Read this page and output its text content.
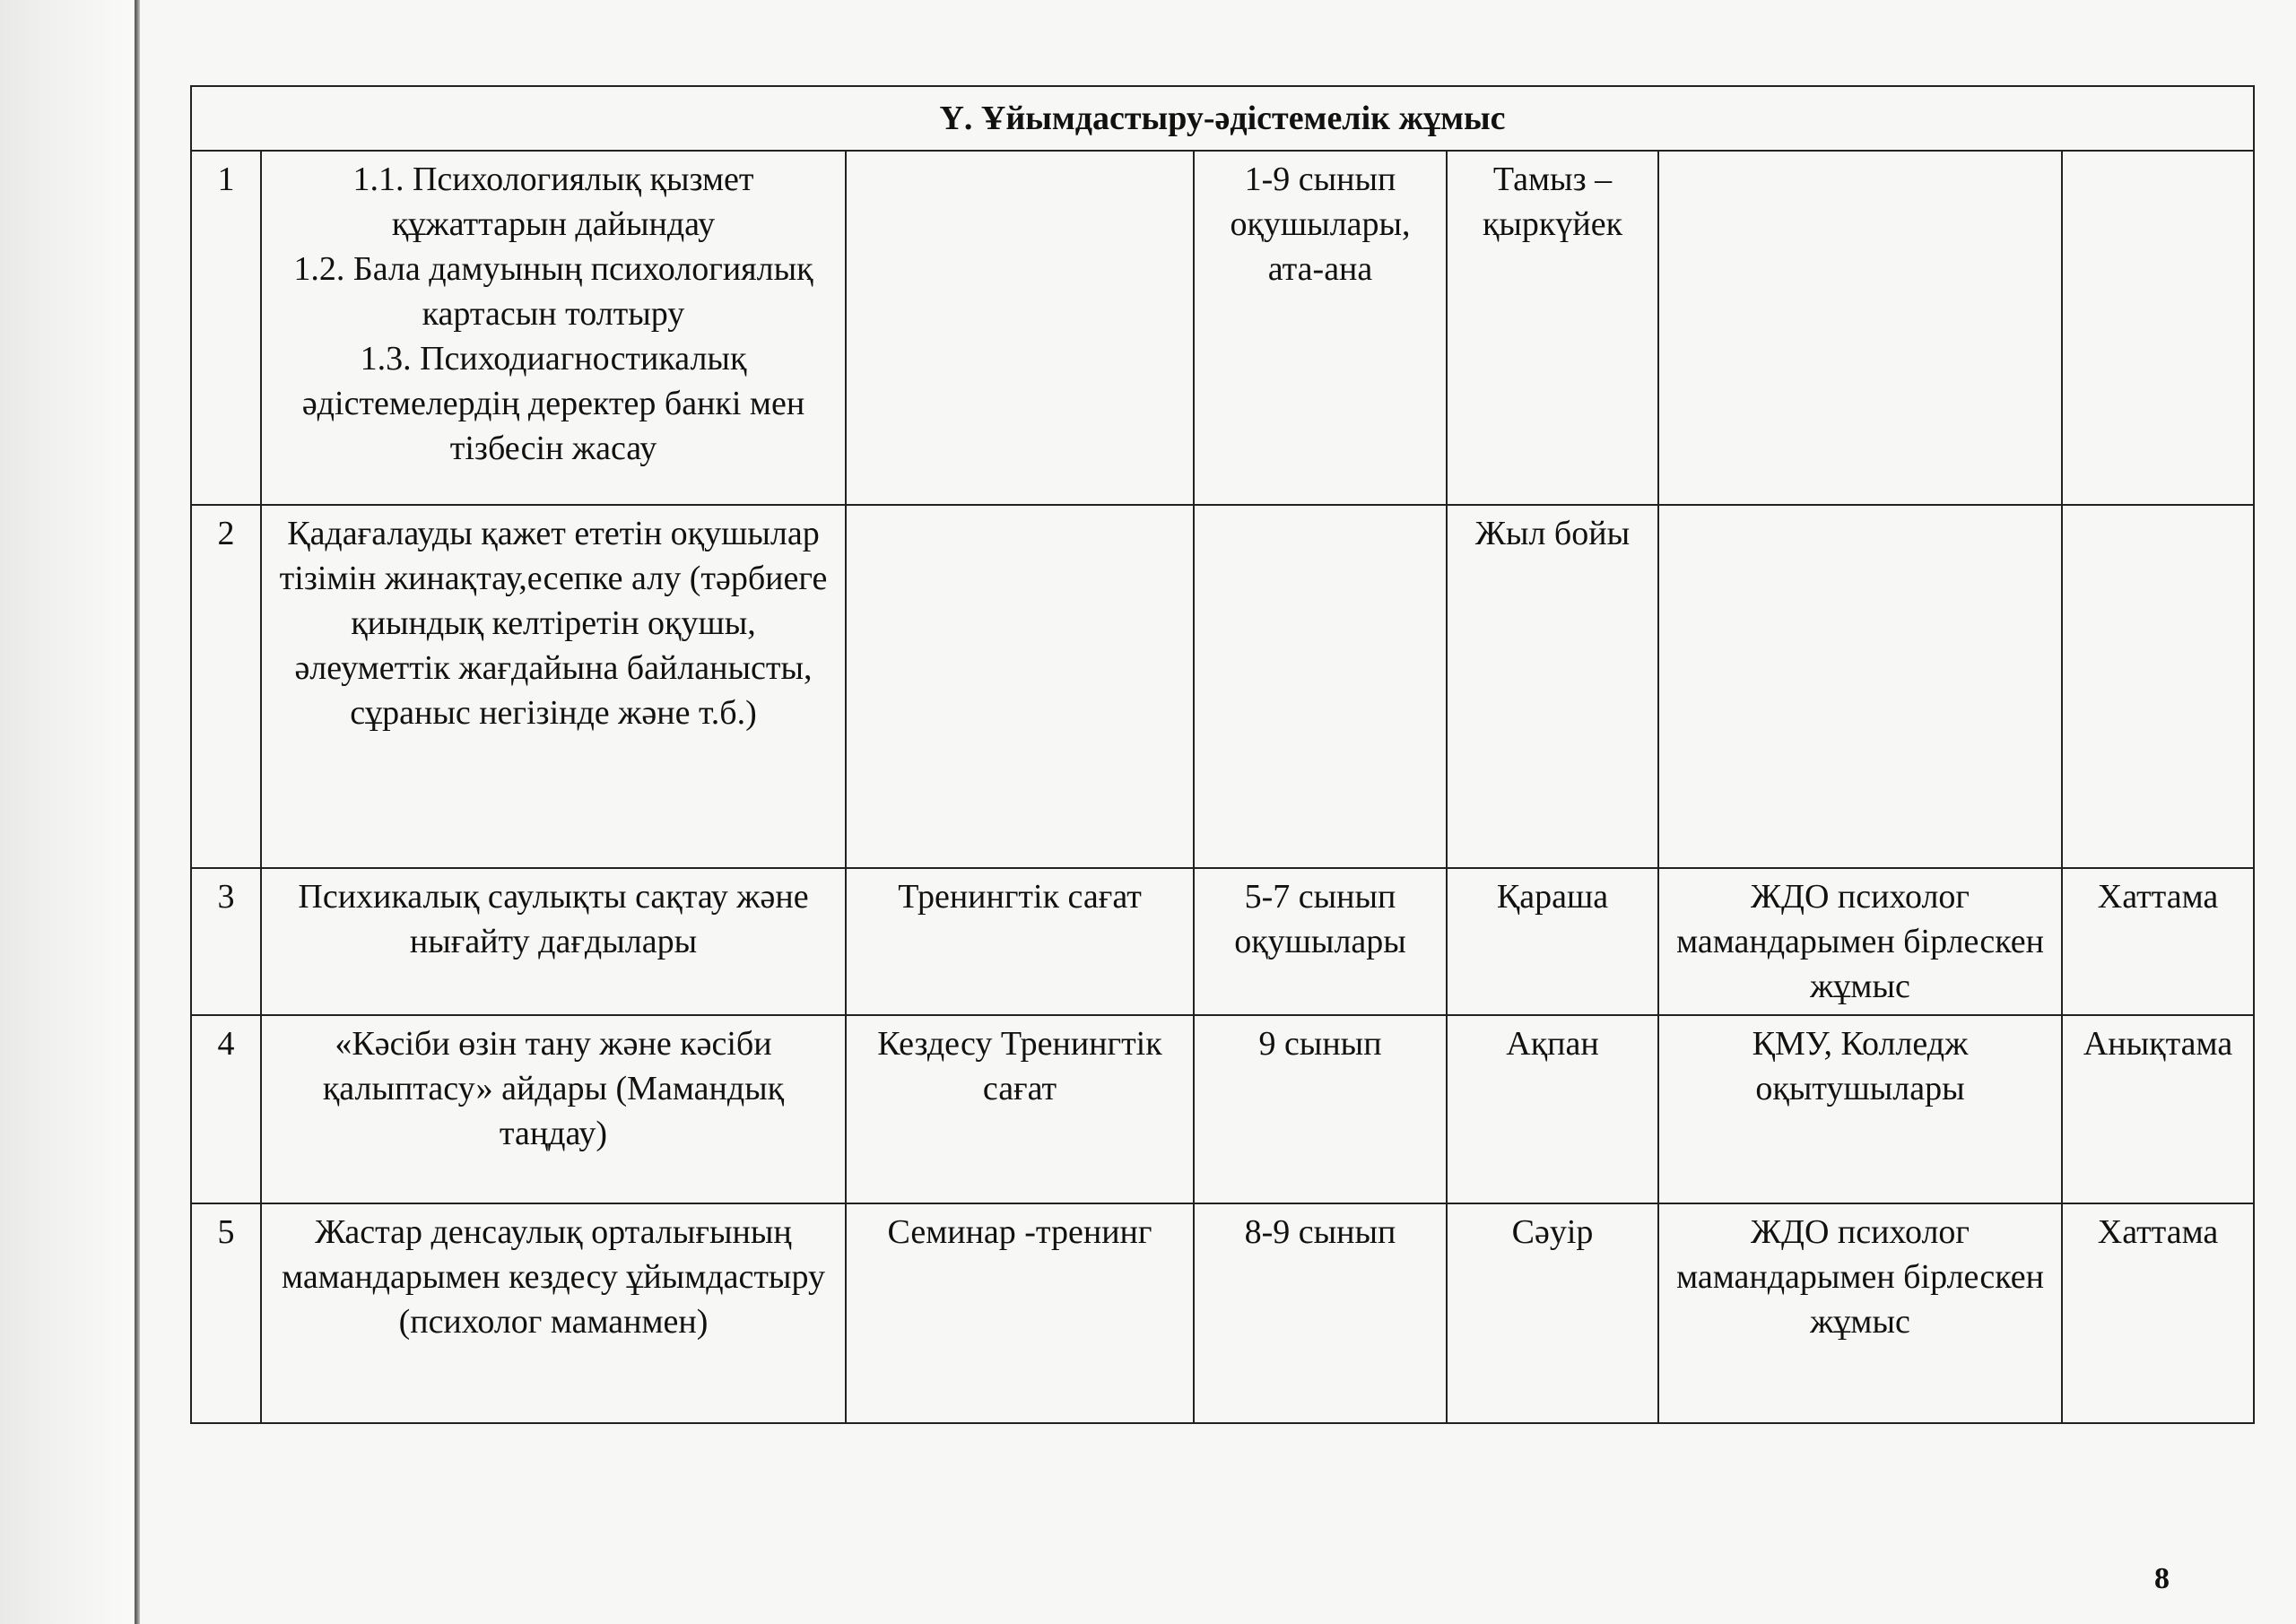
Ү. Ұйымдастыру-әдістемелік жұмыс						
1	1.1. Психологиялық қызмет құжаттарын дайындау
1.2. Бала дамуының психологиялық картасын толтыру
1.3. Психодиагностикалық әдістемелердің деректер банкі мен тізбесін жасау		1-9 сынып оқушылары, ата-ана	Тамыз – қыркүйек		
2	Қадағалауды қажет ететін оқушылар тізімін жинақтау,есепке алу (тәрбиеге қиындық келтіретін оқушы, әлеуметтік жағдайына байланысты, сұраныс негізінде және т.б.)			Жыл бойы		
3	Психикалық саулықты сақтау және нығайту дағдылары	Тренингтік сағат	5-7 сынып оқушылары	Қараша	ЖДО психолог мамандарымен бірлескен жұмыс	Хаттама
4	«Кәсіби өзін тану және кәсіби қалыптасу» айдары (Мамандық таңдау)	Кездесу Тренингтік сағат	9 сынып	Ақпан	ҚМУ, Колледж оқытушылары	Анықтама
5	Жастар денсаулық орталығының мамандарымен кездесу ұйымдастыру (психолог маманмен)	Семинар -тренинг	8-9 сынып	Сәуір	ЖДО психолог мамандарымен бірлескен жұмыс	Хаттама
8
